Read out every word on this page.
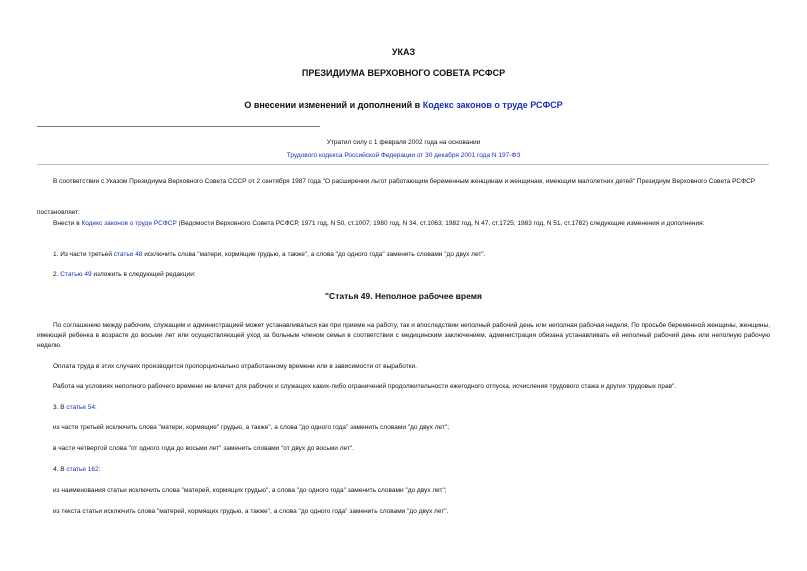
УКАЗ
ПРЕЗИДИУМА ВЕРХОВНОГО СОВЕТА РСФСР
О внесении изменений и дополнений в Кодекс законов о труде РСФСР
Утратил силу с 1 февраля 2002 года на основании
Трудового кодекса Российской Федерации от 30 декабря 2001 года N 197-ФЗ
В соответствии с Указом Президиума Верховного Совета СССР от 2 сентября 1987 года "О расширении льгот работающим беременным женщинам и женщинам, имеющим малолетних детей" Президиум Верховного Совета РСФСР
постановляет:
Внести в Кодекс законов о труде РСФСР (Ведомости Верховного Совета РСФСР, 1971 год, N 50, ст.1007; 1980 год, N 34, ст.1063; 1982 год, N 47, ст.1725; 1983 год, N 51, ст.1782) следующие изменения и дополнения:
1. Из части третьей статьи 48 исключить слова "матери, кормящие грудью, а также", а слова "до одного года" заменить словами "до двух лет".
2. Статью 49 изложить в следующей редакции:
"Статья 49. Неполное рабочее время
По соглашению между рабочим, служащим и администрацией может устанавливаться как при приеме на работу, так и впоследствии неполный рабочий день или неполная рабочая неделя. По просьбе беременной женщины, женщины, имеющей ребенка в возрасте до восьми лет или осуществляющей уход за больным членом семьи в соответствии с медицинским заключением, администрация обязана устанавливать ей неполный рабочий день или неполную рабочую неделю.
Оплата труда в этих случаях производится пропорционально отработанному времени или в зависимости от выработки.
Работа на условиях неполного рабочего времени не влечет для рабочих и служащих каких-либо ограничений продолжительности ежегодного отпуска, исчисления трудового стажа и других трудовых прав".
3. В статье 54:
из части третьей исключить слова "матери, кормящие" грудью, а также", а слова "до одного года" заменить словами "до двух лет";
в части четвертой слова "от одного года до восьми лет" заменить словами "от двух до восьми лет".
4. В статье 162:
из наименования статьи исключить слова "матерей, кормящих грудью", а слова "до одного года" заменить словами "до двух лет";
из текста статьи исключить слова "матерей, кормящих грудью, а также", а слова "до одного года" заменить словами "до двух лет".
